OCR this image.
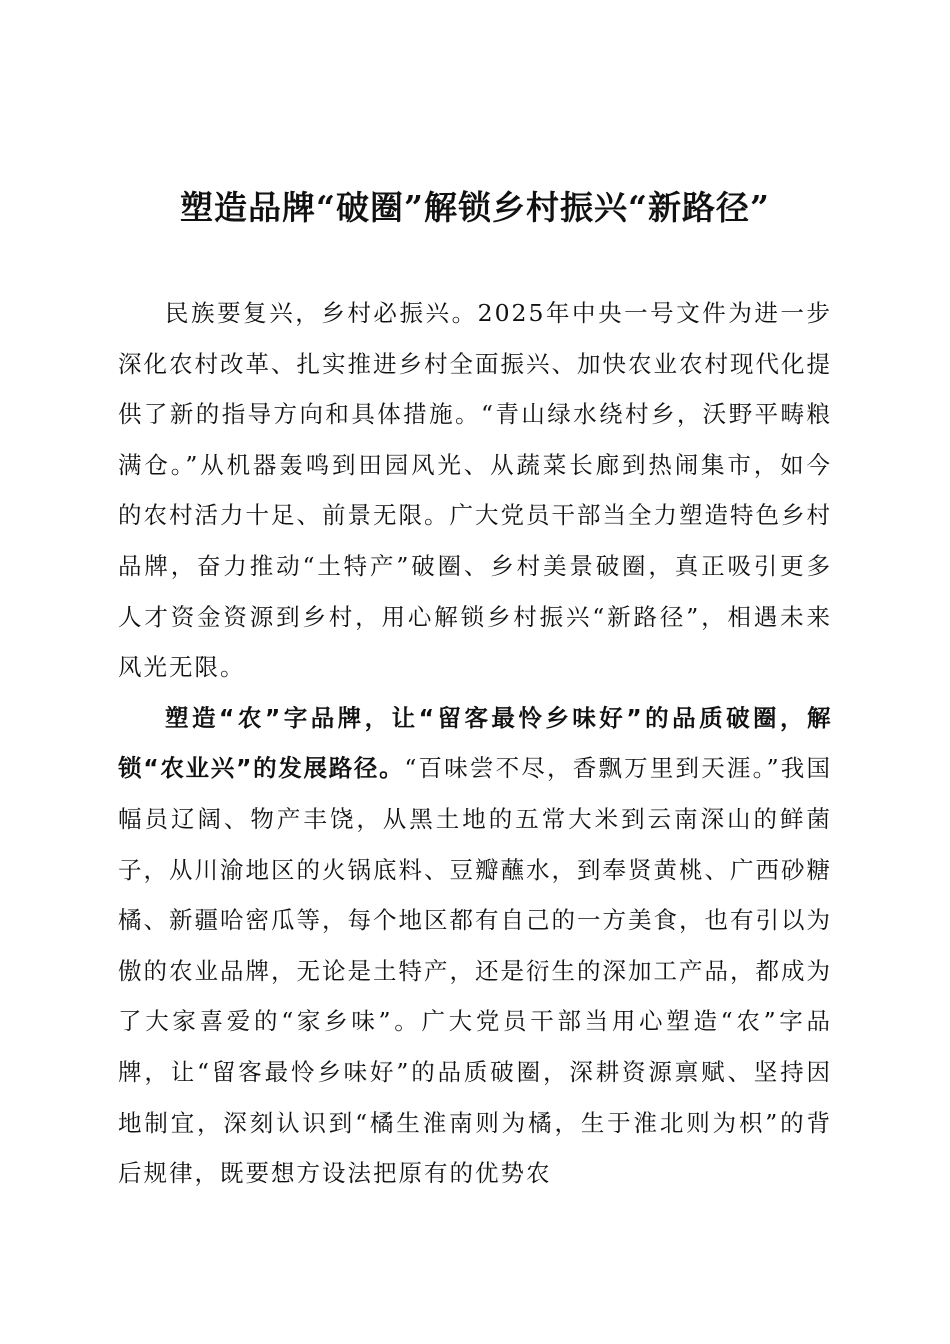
塑造品牌“破圈”解锁乡村振兴“新路径”

民族要复兴，乡村必振兴。2025年中央一号文件为进一步深化农村改革、扎实推进乡村全面振兴、加快农业农村现代化提供了新的指导方向和具体措施。“青山绿水绕村乡，沃野平畴粮满仓。”从机器轰鸣到田园风光、从蔬菜长廊到热闹集市，如今的农村活力十足、前景无限。广大党员干部当全力塑造特色乡村品牌，奋力推动“土特产”破圈、乡村美景破圈，真正吸引更多人才资金资源到乡村，用心解锁乡村振兴“新路径”，相遇未来风光无限。

塑造“农”字品牌，让“留客最怜乡味好”的品质破圈，解锁“农业兴”的发展路径。“百味尝不尽，香飘万里到天涯。”我国幅员辽阔、物产丰饶，从黑土地的五常大米到云南深山的鲜菌子，从川渝地区的火锅底料、豆瓣蘸水，到奉贤黄桃、广西砂糖橘、新疆哈密瓜等，每个地区都有自己的一方美食，也有引以为傲的农业品牌，无论是土特产，还是衍生的深加工产品，都成为了大家喜爱的“家乡味”。广大党员干部当用心塑造“农”字品牌，让“留客最怜乡味好”的品质破圈，深耕资源禀赋、坚持因地制宜，深刻认识到“橘生淮南则为橘，生于淮北则为枳”的背后规律，既要想方设法把原有的优势农
